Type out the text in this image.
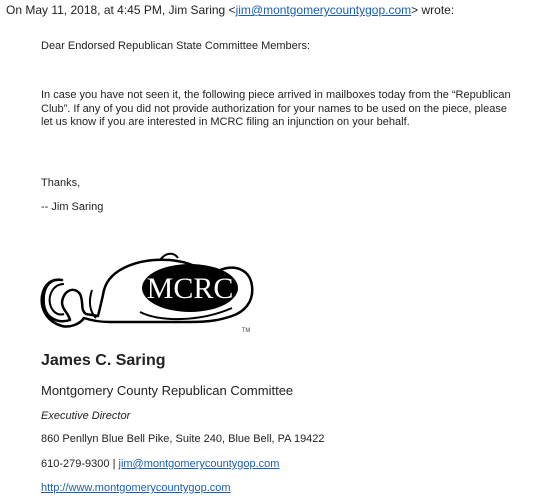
On May 11, 2018, at 4:45 PM, Jim Saring <jim@montgomerycountygop.com> wrote:
Dear Endorsed Republican State Committee Members:
In case you have not seen it, the following piece arrived in mailboxes today from the “Republican Club”. If any of you did not provide authorization for your names to be used on the piece, please let us know if you are interested in MCRC filing an injunction on your behalf.
Thanks,
-- Jim Saring
MCRC
TM
James C. Saring
Montgomery County Republican Committee
Executive Director
860 Penllyn Blue Bell Pike, Suite 240, Blue Bell, PA 19422
610-279-9300 | jim@montgomerycountygop.com
http://www.montgomerycountygop.com
